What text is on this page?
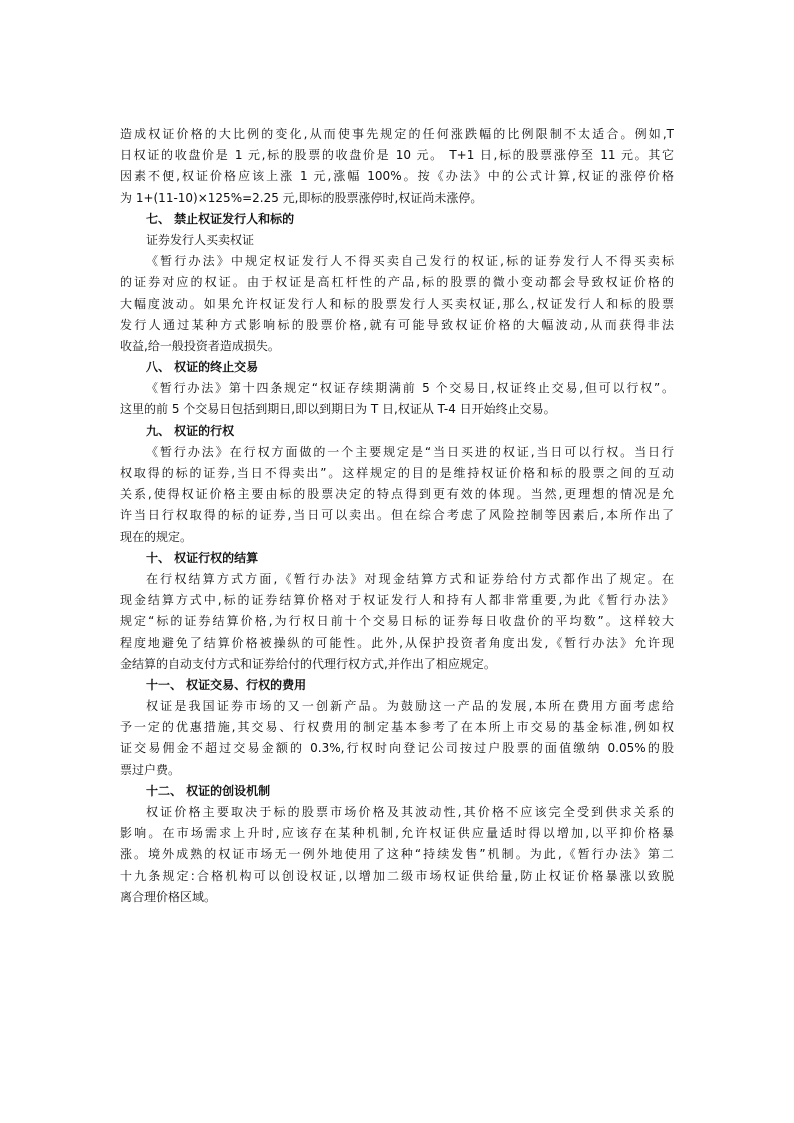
造成权证价格的大比例的变化,从而使事先规定的任何涨跌幅的比例限制不太适合。例如,T
日权证的收盘价是 1 元,标的股票的收盘价是 10 元。 T+1 日,标的股票涨停至 11 元。其它
因素不便,权证价格应该上涨 1 元,涨幅 100%。按《办法》中的公式计算,权证的涨停价格
为 1+(11-10)×125%=2.25 元,即标的股票涨停时,权证尚未涨停。
七、 禁止权证发行人和标的
证券发行人买卖权证
《暂行办法》中规定权证发行人不得买卖自己发行的权证,标的证券发行人不得买卖标
的证券对应的权证。由于权证是高杠杆性的产品,标的股票的微小变动都会导致权证价格的
大幅度波动。如果允许权证发行人和标的股票发行人买卖权证,那么,权证发行人和标的股票
发行人通过某种方式影响标的股票价格,就有可能导致权证价格的大幅波动,从而获得非法
收益,给一般投资者造成损失。
八、 权证的终止交易
《暂行办法》第十四条规定“权证存续期满前 5 个交易日,权证终止交易,但可以行权”。
这里的前 5 个交易日包括到期日,即以到期日为 T 日,权证从 T-4 日开始终止交易。
九、 权证的行权
《暂行办法》在行权方面做的一个主要规定是“当日买进的权证,当日可以行权。当日行
权取得的标的证券,当日不得卖出”。这样规定的目的是维持权证价格和标的股票之间的互动
关系,使得权证价格主要由标的股票决定的特点得到更有效的体现。当然,更理想的情况是允
许当日行权取得的标的证券,当日可以卖出。但在综合考虑了风险控制等因素后,本所作出了
现在的规定。
十、 权证行权的结算
在行权结算方式方面,《暂行办法》对现金结算方式和证券给付方式都作出了规定。在
现金结算方式中,标的证券结算价格对于权证发行人和持有人都非常重要,为此《暂行办法》
规定“标的证券结算价格,为行权日前十个交易日标的证券每日收盘价的平均数”。这样较大
程度地避免了结算价格被操纵的可能性。此外,从保护投资者角度出发,《暂行办法》允许现
金结算的自动支付方式和证券给付的代理行权方式,并作出了相应规定。
十一、 权证交易、行权的费用
权证是我国证券市场的又一创新产品。为鼓励这一产品的发展,本所在费用方面考虑给
予一定的优惠措施,其交易、行权费用的制定基本参考了在本所上市交易的基金标准,例如权
证交易佣金不超过交易金额的 0.3%,行权时向登记公司按过户股票的面值缴纳 0.05%的股
票过户费。
十二、 权证的创设机制
权证价格主要取决于标的股票市场价格及其波动性,其价格不应该完全受到供求关系的
影响。在市场需求上升时,应该存在某种机制,允许权证供应量适时得以增加,以平抑价格暴
涨。境外成熟的权证市场无一例外地使用了这种“持续发售”机制。为此,《暂行办法》第二
十九条规定:合格机构可以创设权证,以增加二级市场权证供给量,防止权证价格暴涨以致脱
离合理价格区域。
